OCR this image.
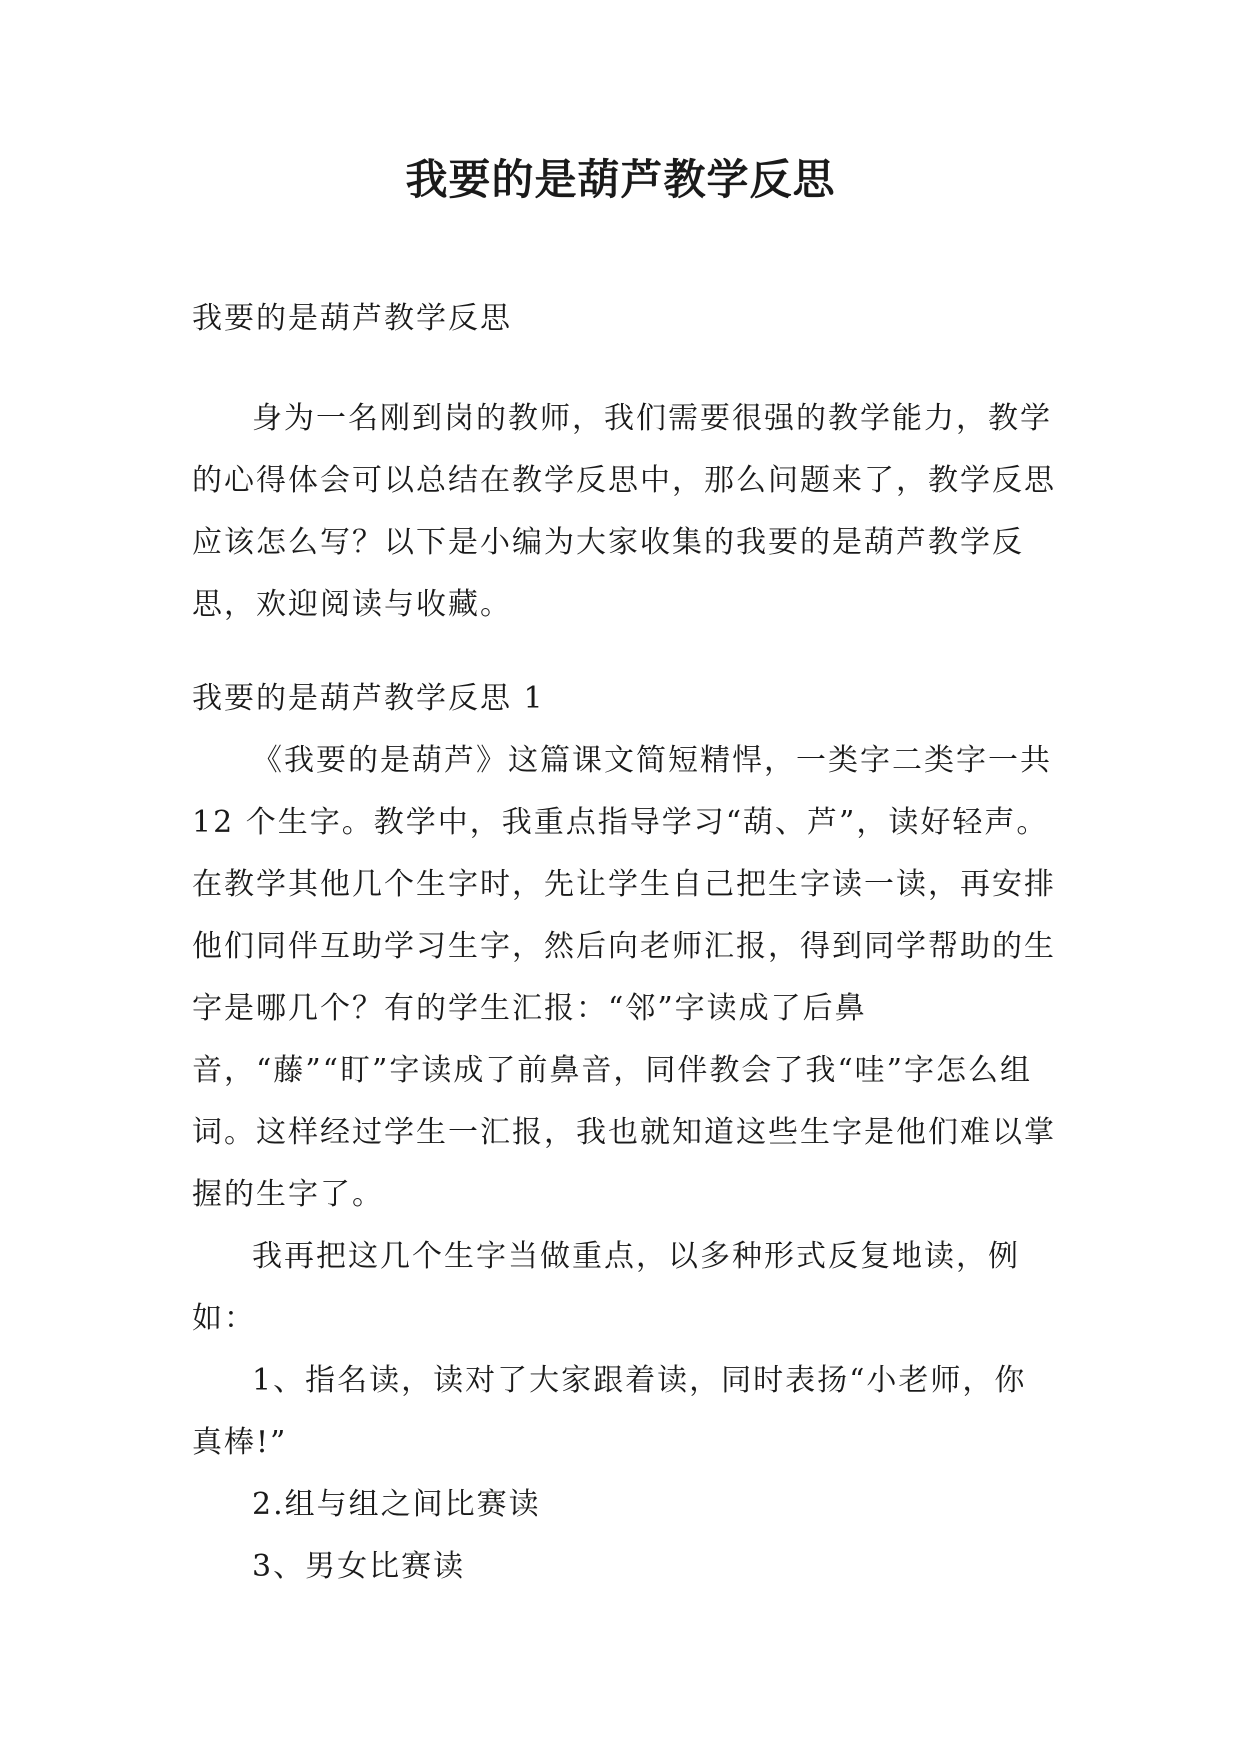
我要的是葫芦教学反思

我要的是葫芦教学反思

身为一名刚到岗的教师，我们需要很强的教学能力，教学的心得体会可以总结在教学反思中，那么问题来了，教学反思应该怎么写？以下是小编为大家收集的我要的是葫芦教学反思，欢迎阅读与收藏。

我要的是葫芦教学反思 1

《我要的是葫芦》这篇课文简短精悍，一类字二类字一共 12 个生字。教学中，我重点指导学习“葫、芦”，读好轻声。在教学其他几个生字时，先让学生自己把生字读一读，再安排他们同伴互助学习生字，然后向老师汇报，得到同学帮助的生字是哪几个？有的学生汇报：“邻”字读成了后鼻音，“藤”“盯”字读成了前鼻音，同伴教会了我“哇”字怎么组词。这样经过学生一汇报，我也就知道这些生字是他们难以掌握的生字了。

我再把这几个生字当做重点，以多种形式反复地读，例如：

1、指名读，读对了大家跟着读，同时表扬“小老师，你真棒!”

2.组与组之间比赛读

3、男女比赛读
